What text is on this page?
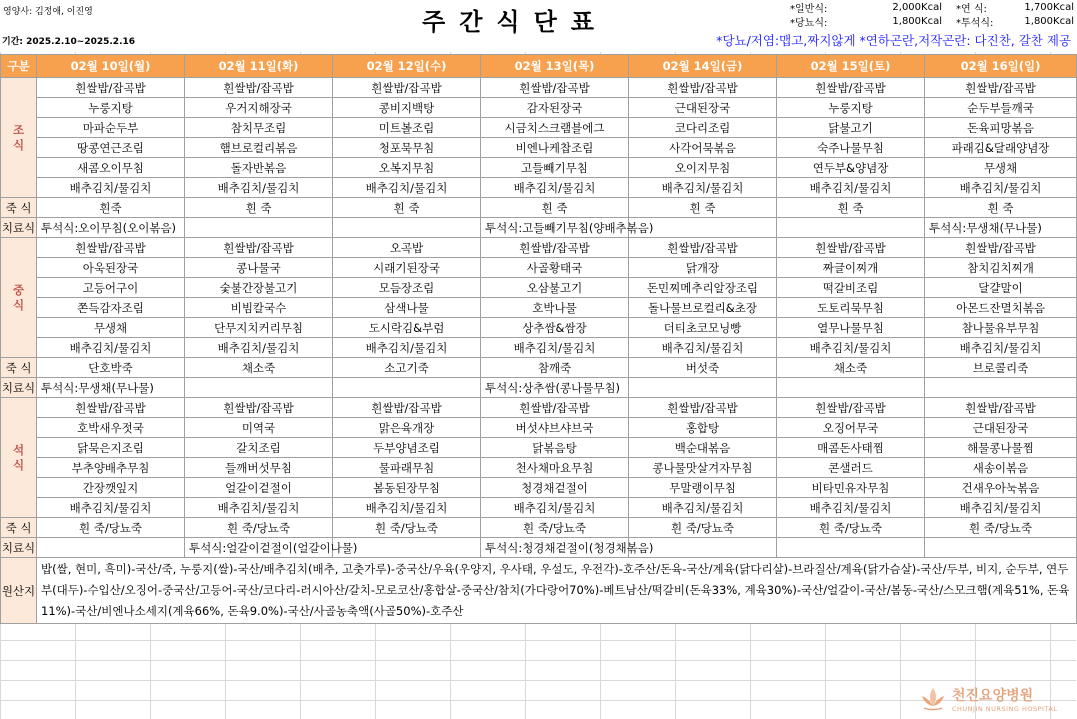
영양사: 김정애, 이진영
기간: 2025.2.10~2025.2.16
주간식단표	*일반식:	2,000Kcal
*당뇨식:	1,800Kcal
*연 식:	1,700Kcal
*투석식:	1,800Kcal
*당뇨/저염:맵고,짜지않게 *연하곤란,저작곤란: 다진찬, 갈찬 제공
구분	02월 10일(월)	02월 11일(화)	02월 12일(수)	02월 13일(목)	02월 14일(금)	02월 15일(토)	02월 16일(일)
조
식	흰쌀밥/잡곡밥	흰쌀밥/잡곡밥	흰쌀밥/잡곡밥	흰쌀밥/잡곡밥	흰쌀밥/잡곡밥	흰쌀밥/잡곡밥	흰쌀밥/잡곡밥
	누룽지탕	우거지해장국	콩비지백탕	감자된장국	근대된장국	누룽지탕	순두부들깨국
	마파순두부	참치무조림	미트볼조림	시금치스크램블에그	코다리조림	닭불고기	돈육피망볶음
	땅콩연근조림	햄브로컬리볶음	청포묵무침	비엔나케찹조림	사각어묵볶음	숙주나물무침	파래김&달래양념장
	새콤오이무침	돌자반볶음	오복지무침	고들빼기무침	오이지무침	연두부&양념장	무생채
	배추김치/물김치	배추김치/물김치	배추김치/물김치	배추김치/물김치	배추김치/물김치	배추김치/물김치	배추김치/물김치
죽 식	흰죽	흰 죽	흰 죽	흰 죽	흰 죽	흰 죽	흰 죽
치료식	투석식:오이무침(오이볶음)			투석식:고들빼기무침(양배추볶음)			투석식:무생채(무나물)
중
식	흰쌀밥/잡곡밥	흰쌀밥/잡곡밥	오곡밥	흰쌀밥/잡곡밥	흰쌀밥/잡곡밥	흰쌀밥/잡곡밥	흰쌀밥/잡곡밥
	아욱된장국	콩나물국	시래기된장국	사골황태국	닭개장	짜글이찌개	참치김치찌개
	고등어구이	숯불간장불고기	모듬장조림	오삼불고기	돈민찌메추리알장조림	떡갈비조림	달걀말이
	쫀득감자조림	비빔칼국수	삼색나물	호박나물	돌나물브로컬리&초장	도토리묵무침	아몬드잔멸치볶음
	무생채	단무지치커리무침	도시락김&부럼	상추쌈&쌈장	더티초코모닝빵	열무나물무침	참나물유부무침
	배추김치/물김치	배추김치/물김치	배추김치/물김치	배추김치/물김치	배추김치/물김치	배추김치/물김치	배추김치/물김치
죽 식	단호박죽	채소죽	소고기죽	참깨죽	버섯죽	채소죽	브로콜리죽
치료식	투석식:무생채(무나물)			투석식:상추쌈(콩나물무침)			
석
식	흰쌀밥/잡곡밥	흰쌀밥/잡곡밥	흰쌀밥/잡곡밥	흰쌀밥/잡곡밥	흰쌀밥/잡곡밥	흰쌀밥/잡곡밥	흰쌀밥/잡곡밥
	호박새우젓국	미역국	맑은육개장	버섯샤브샤브국	홍합탕	오징어무국	근대된장국
	닭묵은지조림	갈치조림	두부양념조림	닭볶음탕	백순대볶음	매콤돈사태찜	해물콩나물찜
	부추양배추무침	들깨버섯무침	물파래무침	천사채마요무침	콩나물맛살겨자무침	콘샐러드	새송이볶음
	간장깻잎지	얼갈이겉절이	봄동된장무침	청경채겉절이	무말랭이무침	비타민유자무침	건새우아눅볶음
	배추김치/물김치	배추김치/물김치	배추김치/물김치	배추김치/물김치	배추김치/물김치	배추김치/물김치	배추김치/물김치
죽 식	흰 죽/당뇨죽	흰 죽/당뇨죽	흰 죽/당뇨죽	흰 죽/당뇨죽	흰 죽/당뇨죽	흰 죽/당뇨죽	흰 죽/당뇨죽
치료식		투석식:얼갈이겉절이(얼갈이나물)		투석식:청경채겉절이(청경채볶음)			
원산지	밥(쌀, 현미, 흑미)-국산/죽, 누룽지(쌀)-국산/배추김치(배추, 고춧가루)-중국산/우육(우양지, 우사태, 우설도, 우전각)-호주산/돈육-국산/계육(닭다리살)-브라질산/계육(닭가슴살)-국산/두부, 비지, 순두부, 연두부(대두)-수입산/오징어-중국산/고등어-국산/코다리-러시아산/갈치-모로코산/홍합살-중국산/참치(가다랑어70%)-베트남산/떡갈비(돈육33%, 계육30%)-국산/얼갈이-국산/봄동-국산/스모크햄(계육51%, 돈육11%)-국산/비엔나소세지(계육66%, 돈육9.0%)-국산/사골농축액(사골50%)-호주산						
천진요양병원
CHUNJIN NURSING HOSPITAL
